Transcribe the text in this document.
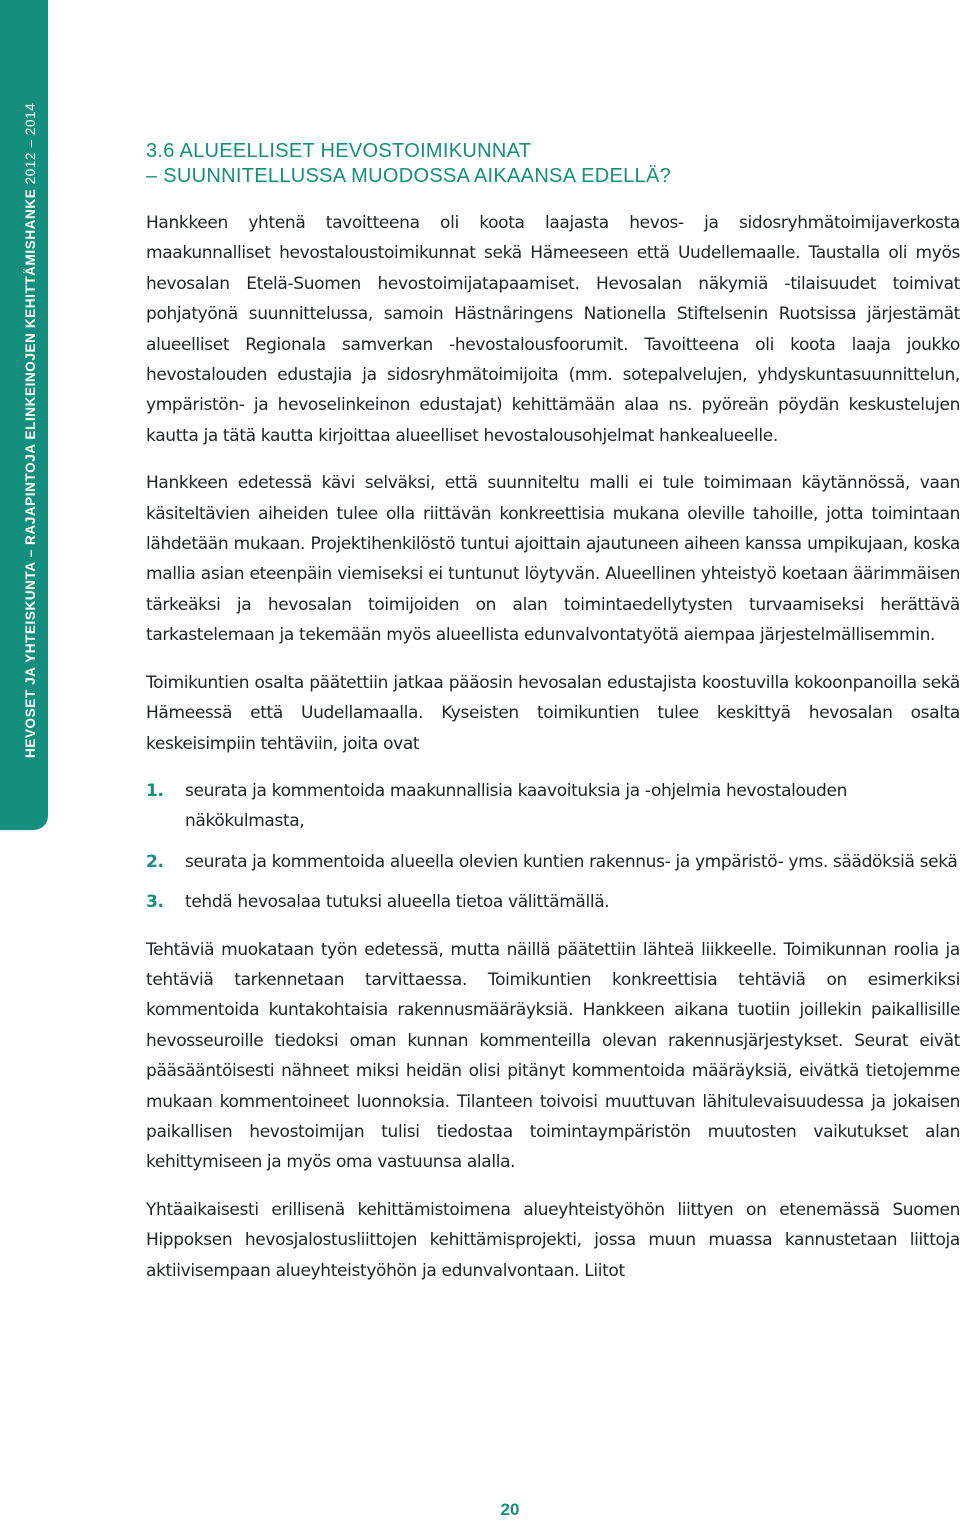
HEVOSET JA YHTEISKUNTA – RAJAPINTOJA ELINKEINOJEN KEHITTÄMISHANKE 2012 – 2014	3.6 ALUEELLISET HEVOSTOIMIKUNNAT
– SUUNNITELLUSSA MUODOSSA AIKAANSA EDELLÄ?

Hankkeen yhtenä tavoitteena oli koota laajasta hevos- ja sidosryhmätoimijaverkosta maakunnalliset hevostaloustoimikunnat sekä Hämeeseen että Uudellemaalle. Taustalla oli myös hevosalan Etelä-Suomen hevostoimijatapaamiset. Hevosalan näkymiä -tilaisuudet toimivat pohjatyönä suunnittelussa, samoin Hästnäringens Nationella Stiftelsenin Ruotsissa järjestämät alueelliset Regionala samverkan -hevostalousfoorumit. Tavoitteena oli koota laaja joukko hevostalouden edustajia ja sidosryhmätoimijoita (mm. sotepalvelujen, yhdyskuntasuunnittelun, ympäristön- ja hevoselinkeinon edustajat) kehittämään alaa ns. pyöreän pöydän keskustelujen kautta ja tätä kautta kirjoittaa alueelliset hevostalousohjelmat hankealueelle.

Hankkeen edetessä kävi selväksi, että suunniteltu malli ei tule toimimaan käytännössä, vaan käsiteltävien aiheiden tulee olla riittävän konkreettisia mukana oleville tahoille, jotta toimintaan lähdetään mukaan. Projektihenkilöstö tuntui ajoittain ajautuneen aiheen kanssa umpikujaan, koska mallia asian eteenpäin viemiseksi ei tuntunut löytyvän. Alueellinen yhteistyö koetaan äärimmäisen tärkeäksi ja hevosalan toimijoiden on alan toimintaedellytysten turvaamiseksi herättävä tarkastelemaan ja tekemään myös alueellista edunvalvontatyötä aiempaa järjestelmällisemmin.

Toimikuntien osalta päätettiin jatkaa pääosin hevosalan edustajista koostuvilla kokoonpanoilla sekä Hämeessä että Uudellamaalla. Kyseisten toimikuntien tulee keskittyä hevosalan osalta keskeisimpiin tehtäviin, joita ovat

1. seurata ja kommentoida maakunnallisia kaavoituksia ja -ohjelmia hevostalouden näkökulmasta,
2. seurata ja kommentoida alueella olevien kuntien rakennus- ja ympäristö- yms. säädöksiä sekä
3. tehdä hevosalaa tutuksi alueella tietoa välittämällä.

Tehtäviä muokataan työn edetessä, mutta näillä päätettiin lähteä liikkeelle. Toimikunnan roolia ja tehtäviä tarkennetaan tarvittaessa. Toimikuntien konkreettisia tehtäviä on esimerkiksi kommentoida kuntakohtaisia rakennusmääräyksiä. Hankkeen aikana tuotiin joillekin paikallisille hevosseuroille tiedoksi oman kunnan kommenteilla olevan rakennusjärjestykset. Seurat eivät pääsääntöisesti nähneet miksi heidän olisi pitänyt kommentoida määräyksiä, eivätkä tietojemme mukaan kommentoineet luonnoksia. Tilanteen toivoisi muuttuvan lähitulevaisuudessa ja jokaisen paikallisen hevostoimijan tulisi tiedostaa toimintaympäristön muutosten vaikutukset alan kehittymiseen ja myös oma vastuunsa alalla.

Yhtäaikaisesti erillisenä kehittämistoimena alueyhteistyöhön liittyen on etenemässä Suomen Hippoksen hevosjalostusliittojen kehittämisprojekti, jossa muun muassa kannustetaan liittoja aktiivisempaan alueyhteistyöhön ja edunvalvontaan. Liitot

20
